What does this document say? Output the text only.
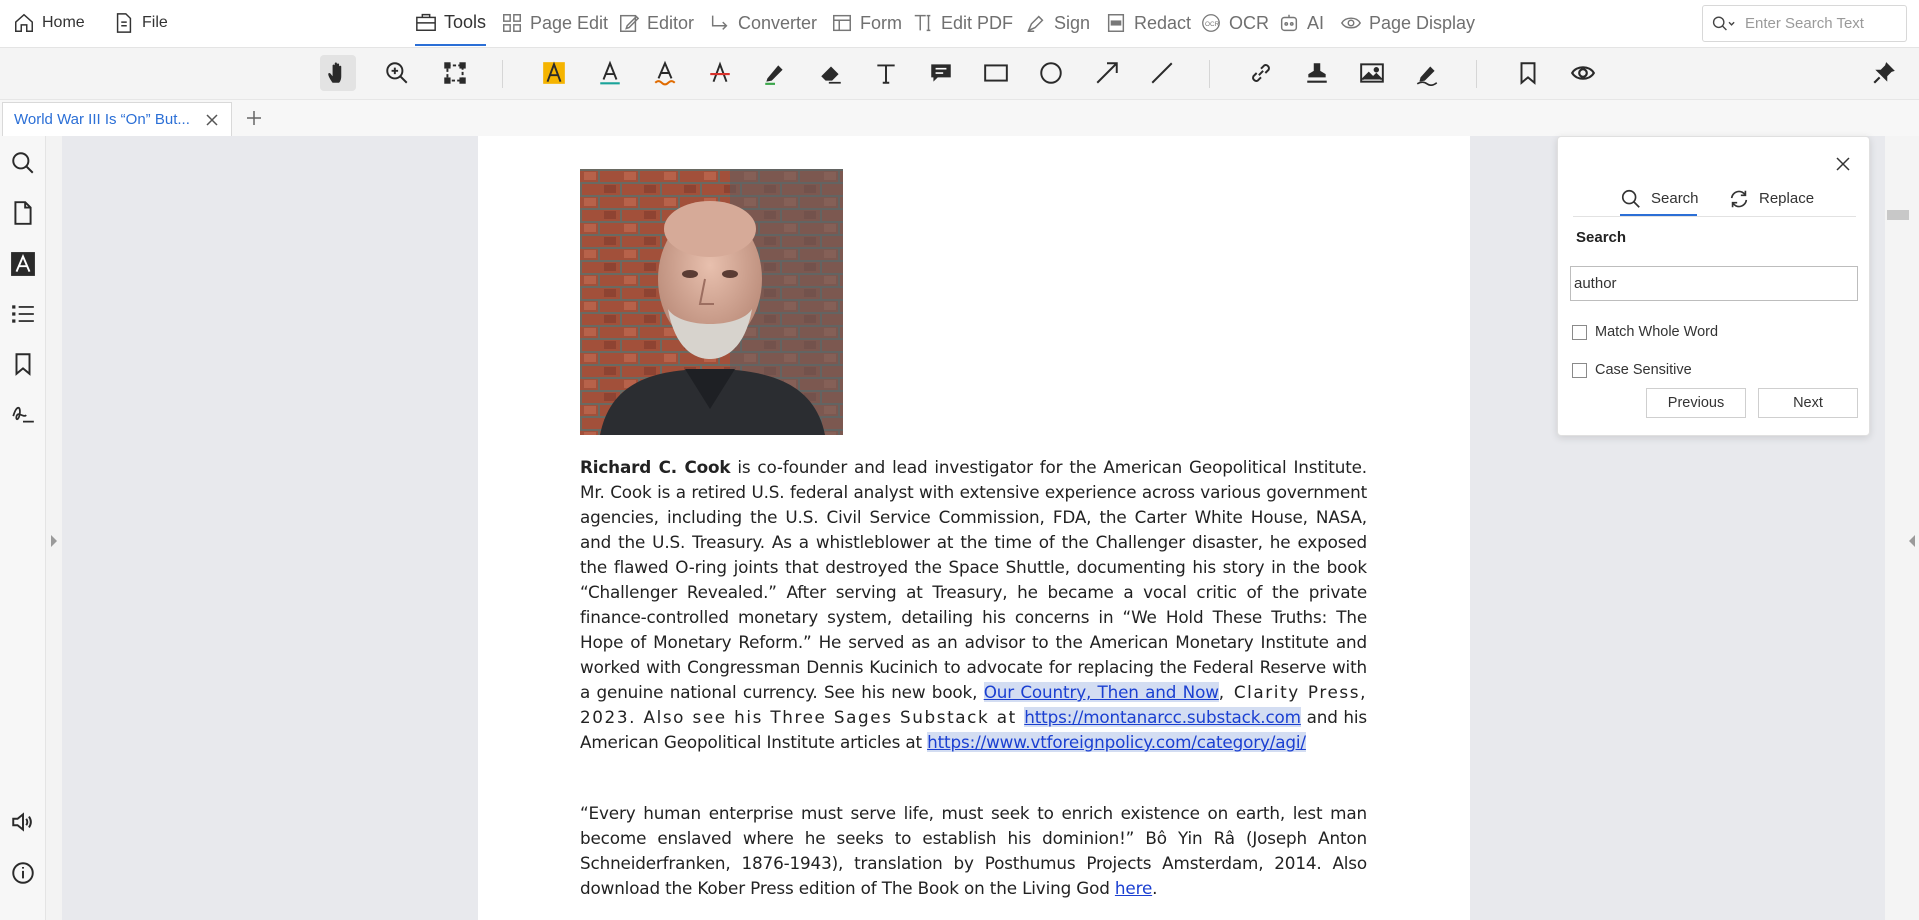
Home	File	Tools Page Edit Editor Converter Form Edit PDF Sign Redact OCR OCR AI Page Display	Enter Search Text
World War III Is “On” But...
Richard C. Cook is co-founder and lead investigator for the American Geopolitical Institute. Mr. Cook is a retired U.S. federal analyst with extensive experience across various government agencies, including the U.S. Civil Service Commission, FDA, the Carter White House, NASA, and the U.S. Treasury. As a whistleblower at the time of the Challenger disaster, he exposed the flawed O-ring joints that destroyed the Space Shuttle, documenting his story in the book “Challenger Revealed.” After serving at Treasury, he became a vocal critic of the private finance-controlled monetary system, detailing his concerns in “We Hold These Truths: The Hope of Monetary Reform.” He served as an advisor to the American Monetary Institute and worked with Congressman Dennis Kucinich to advocate for replacing the Federal Reserve with a genuine national currency. See his new book, Our Country, Then and Now, Clarity Press, 2023. Also see his Three Sages Substack at https://montanarcc.substack.com and his American Geopolitical Institute articles at https://www.vtforeignpolicy.com/category/agi/
“Every human enterprise must serve life, must seek to enrich existence on earth, lest man become enslaved where he seeks to establish his dominion!” Bô Yin Râ (Joseph Anton Schneiderfranken, 1876-1943), translation by Posthumus Projects Amsterdam, 2014. Also download the Kober Press edition of The Book on the Living God here.
Search	Replace
Search
author
Match Whole Word
Case Sensitive
Previous	Next
